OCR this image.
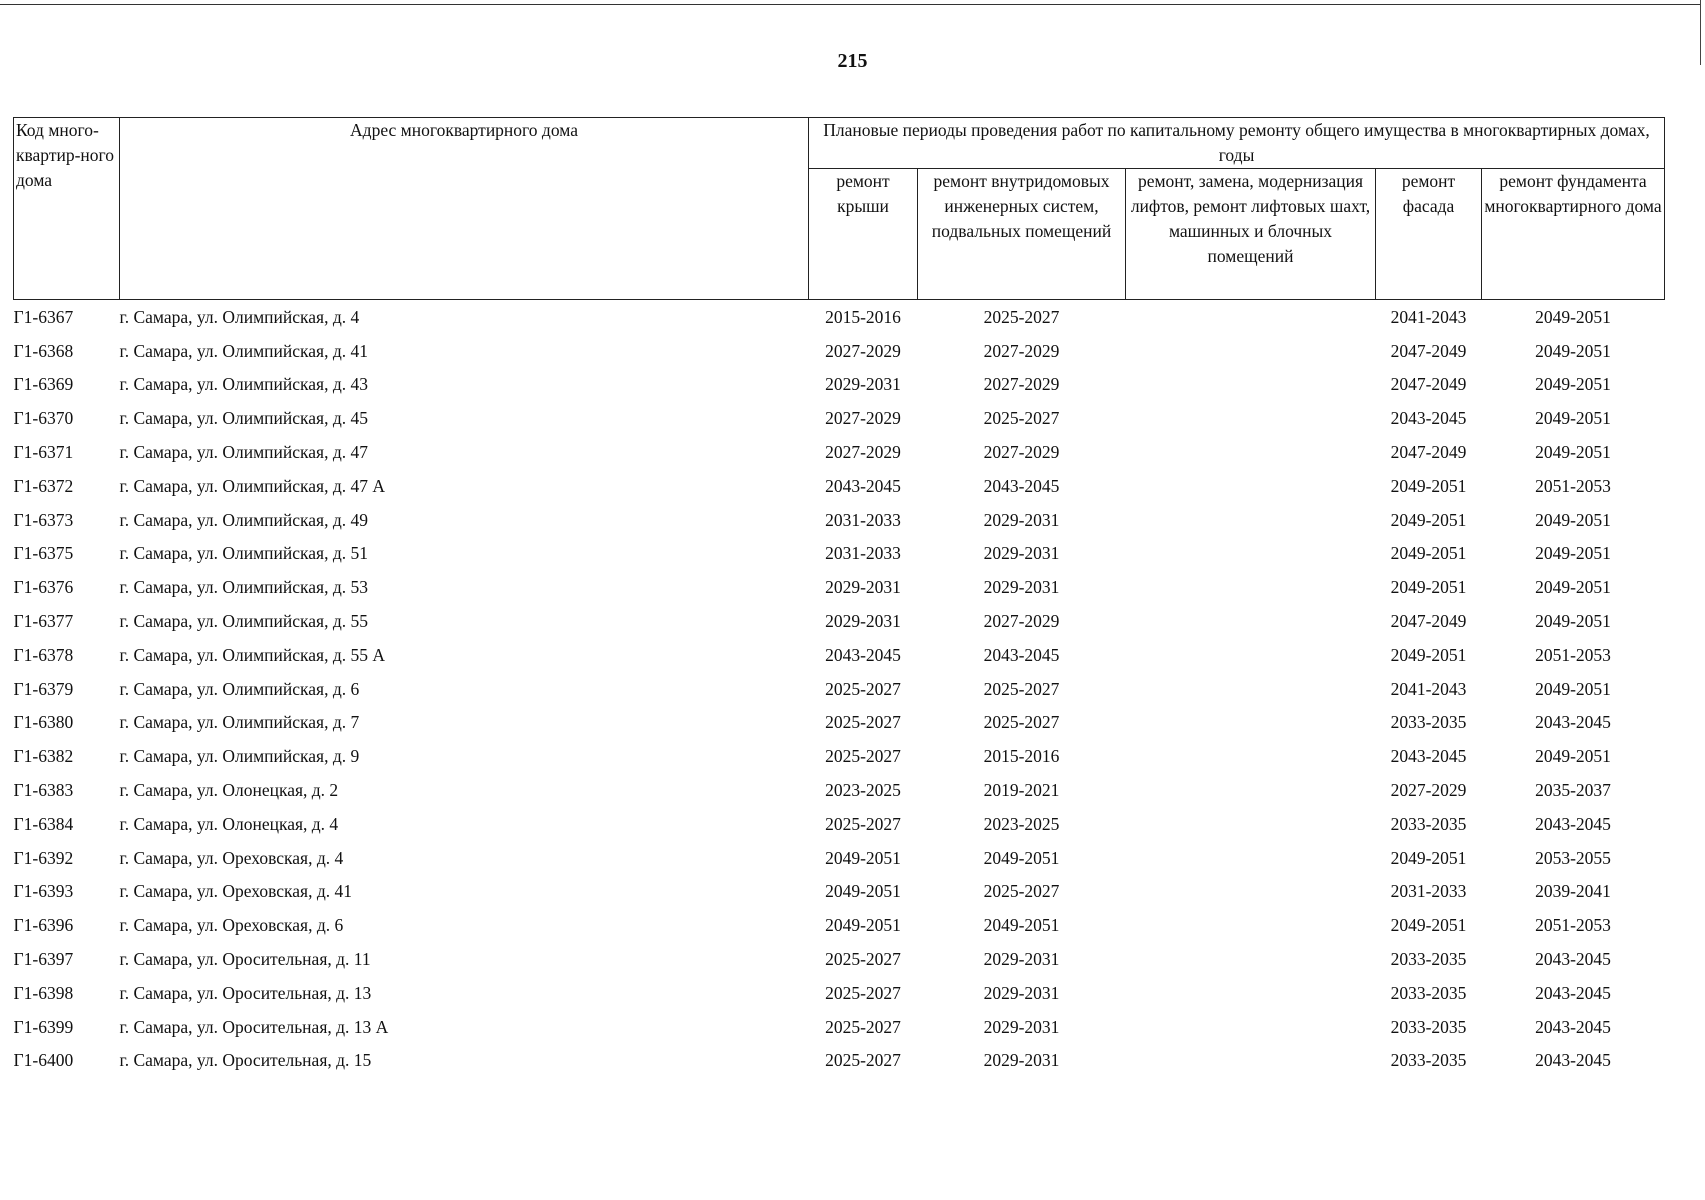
215
Код много-квартир-ного дома	Адрес многоквартирного дома	Плановые периоды проведения работ по капитальному ремонту общего имущества в многоквартирных домах, годы				
		ремонт крыши	ремонт внутридомовых инженерных систем, подвальных помещений	ремонт, замена, модернизация лифтов, ремонт лифтовых шахт, машинных и блочных помещений	ремонт фасада	ремонт фундамента многоквартирного дома
Г1-6367	г. Самара, ул. Олимпийская, д. 4	2015-2016	2025-2027		2041-2043	2049-2051
Г1-6368	г. Самара, ул. Олимпийская, д. 41	2027-2029	2027-2029		2047-2049	2049-2051
Г1-6369	г. Самара, ул. Олимпийская, д. 43	2029-2031	2027-2029		2047-2049	2049-2051
Г1-6370	г. Самара, ул. Олимпийская, д. 45	2027-2029	2025-2027		2043-2045	2049-2051
Г1-6371	г. Самара, ул. Олимпийская, д. 47	2027-2029	2027-2029		2047-2049	2049-2051
Г1-6372	г. Самара, ул. Олимпийская, д. 47 А	2043-2045	2043-2045		2049-2051	2051-2053
Г1-6373	г. Самара, ул. Олимпийская, д. 49	2031-2033	2029-2031		2049-2051	2049-2051
Г1-6375	г. Самара, ул. Олимпийская, д. 51	2031-2033	2029-2031		2049-2051	2049-2051
Г1-6376	г. Самара, ул. Олимпийская, д. 53	2029-2031	2029-2031		2049-2051	2049-2051
Г1-6377	г. Самара, ул. Олимпийская, д. 55	2029-2031	2027-2029		2047-2049	2049-2051
Г1-6378	г. Самара, ул. Олимпийская, д. 55 А	2043-2045	2043-2045		2049-2051	2051-2053
Г1-6379	г. Самара, ул. Олимпийская, д. 6	2025-2027	2025-2027		2041-2043	2049-2051
Г1-6380	г. Самара, ул. Олимпийская, д. 7	2025-2027	2025-2027		2033-2035	2043-2045
Г1-6382	г. Самара, ул. Олимпийская, д. 9	2025-2027	2015-2016		2043-2045	2049-2051
Г1-6383	г. Самара, ул. Олонецкая, д. 2	2023-2025	2019-2021		2027-2029	2035-2037
Г1-6384	г. Самара, ул. Олонецкая, д. 4	2025-2027	2023-2025		2033-2035	2043-2045
Г1-6392	г. Самара, ул. Ореховская, д. 4	2049-2051	2049-2051		2049-2051	2053-2055
Г1-6393	г. Самара, ул. Ореховская, д. 41	2049-2051	2025-2027		2031-2033	2039-2041
Г1-6396	г. Самара, ул. Ореховская, д. 6	2049-2051	2049-2051		2049-2051	2051-2053
Г1-6397	г. Самара, ул. Оросительная, д. 11	2025-2027	2029-2031		2033-2035	2043-2045
Г1-6398	г. Самара, ул. Оросительная, д. 13	2025-2027	2029-2031		2033-2035	2043-2045
Г1-6399	г. Самара, ул. Оросительная, д. 13 А	2025-2027	2029-2031		2033-2035	2043-2045
Г1-6400	г. Самара, ул. Оросительная, д. 15	2025-2027	2029-2031		2033-2035	2043-2045
